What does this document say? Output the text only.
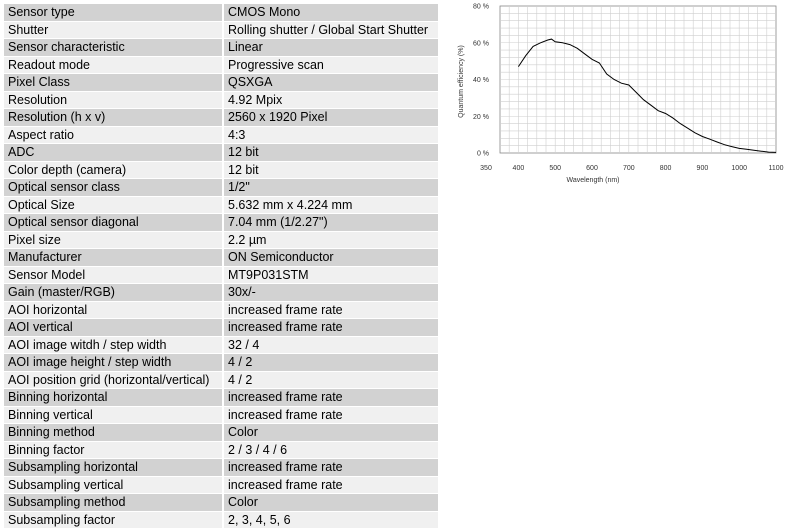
Sensor type	CMOS Mono
Shutter	Rolling shutter / Global Start Shutter
Sensor characteristic	Linear
Readout mode	Progressive scan
Pixel Class	QSXGA
Resolution	4.92 Mpix
Resolution (h x v)	2560 x 1920 Pixel
Aspect ratio	4:3
ADC	12 bit
Color depth (camera)	12 bit
Optical sensor class	1/2"
Optical Size	5.632 mm x 4.224 mm
Optical sensor diagonal	7.04 mm (1/2.27")
Pixel size	2.2 µm
Manufacturer	ON Semiconductor
Sensor Model	MT9P031STM
Gain (master/RGB)	30x/-
AOI horizontal	increased frame rate
AOI vertical	increased frame rate
AOI image witdh / step width	32 / 4
AOI image height / step width	4 / 2
AOI position grid (horizontal/vertical)	4 / 2
Binning horizontal	increased frame rate
Binning vertical	increased frame rate
Binning method	Color
Binning factor	2 / 3 / 4 / 6
Subsampling horizontal	increased frame rate
Subsampling vertical	increased frame rate
Subsampling method	Color
Subsampling factor	2, 3, 4, 5, 6
350	400	500	600	700	800	900	1000	1100
0 %
20 %
40 %
60 %
80 %
Wavelength (nm)
Quantum efficiency (%)
